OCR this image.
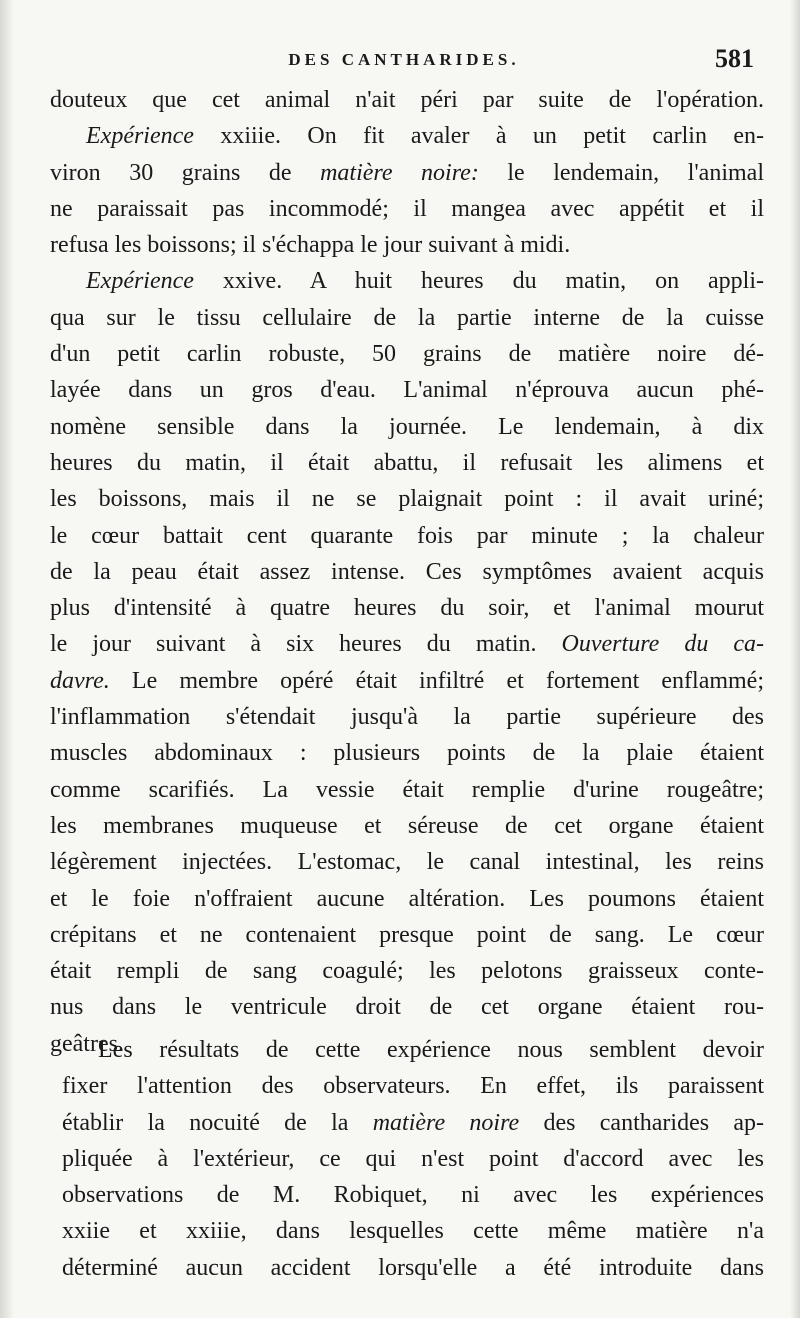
DES CANTHARIDES.	581
douteux que cet animal n'ait péri par suite de l'opération.
Expérience xxiiie. On fit avaler à un petit carlin en-
viron 30 grains de matière noire: le lendemain, l'animal
ne paraissait pas incommodé; il mangea avec appétit et il
refusa les boissons; il s'échappa le jour suivant à midi.
Expérience xxive. A huit heures du matin, on appli-
qua sur le tissu cellulaire de la partie interne de la cuisse
d'un petit carlin robuste, 50 grains de matière noire dé-
layée dans un gros d'eau. L'animal n'éprouva aucun phé-
nomène sensible dans la journée. Le lendemain, à dix
heures du matin, il était abattu, il refusait les alimens et
les boissons, mais il ne se plaignait point : il avait uriné;
le cœur battait cent quarante fois par minute ; la chaleur
de la peau était assez intense. Ces symptômes avaient acquis
plus d'intensité à quatre heures du soir, et l'animal mourut
le jour suivant à six heures du matin. Ouverture du ca-
davre. Le membre opéré était infiltré et fortement enflammé;
l'inflammation s'étendait jusqu'à la partie supérieure des
muscles abdominaux : plusieurs points de la plaie étaient
comme scarifiés. La vessie était remplie d'urine rougeâtre;
les membranes muqueuse et séreuse de cet organe étaient
légèrement injectées. L'estomac, le canal intestinal, les reins
et le foie n'offraient aucune altération. Les poumons étaient
crépitans et ne contenaient presque point de sang. Le cœur
était rempli de sang coagulé; les pelotons graisseux conte-
nus dans le ventricule droit de cet organe étaient rou-
geâtres.
Les résultats de cette expérience nous semblent devoir
fixer l'attention des observateurs. En effet, ils paraissent
établir la nocuité de la matière noire des cantharides ap-
pliquée à l'extérieur, ce qui n'est point d'accord avec les
observations de M. Robiquet, ni avec les expériences
xxiie et xxiiie, dans lesquelles cette même matière n'a
déterminé aucun accident lorsqu'elle a été introduite dans
